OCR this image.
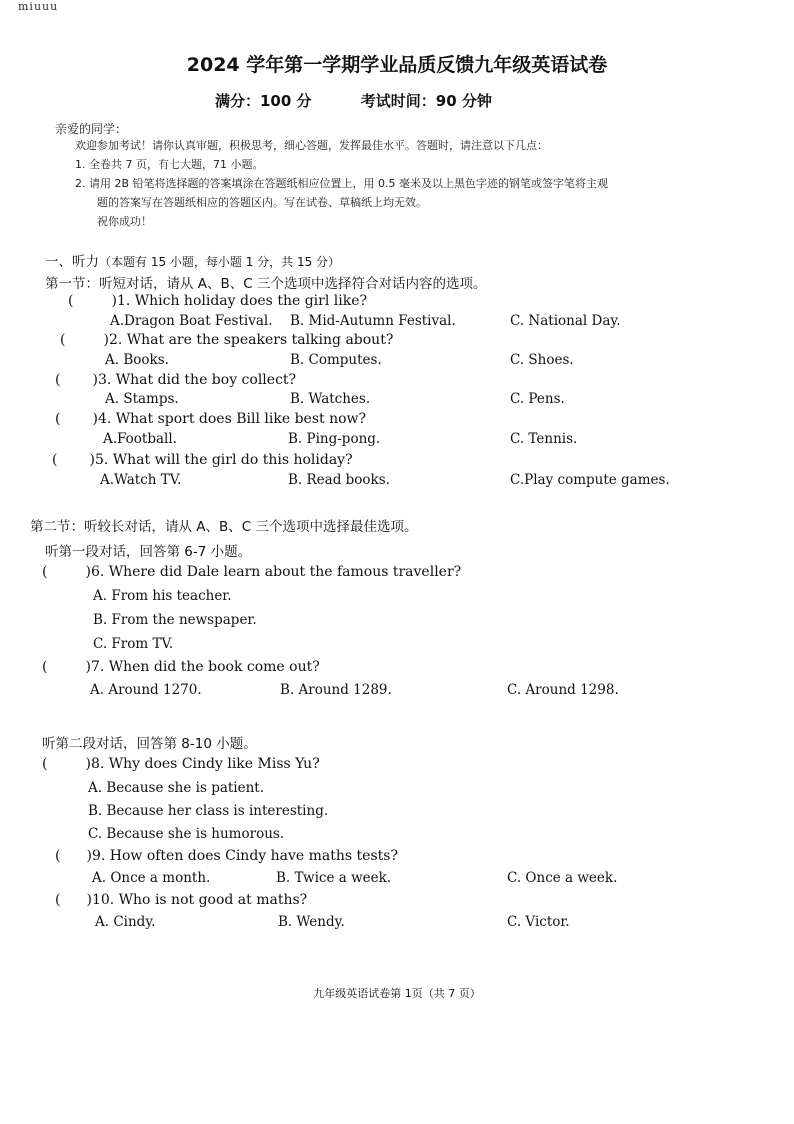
miuuu
2024 学年第一学期学业品质反馈九年级英语试卷
满分：100 分	考试时间：90 分钟
亲爱的同学：
欢迎参加考试！请你认真审题，积极思考，细心答题，发挥最佳水平。答题时，请注意以下几点：
1. 全卷共 7 页，有七大题，71 小题。
2. 请用 2B 铅笔将选择题的答案填涂在答题纸相应位置上，用 0.5 毫米及以上黑色字迹的钢笔或签字笔将主观
题的答案写在答题纸相应的答题区内。写在试卷、草稿纸上均无效。
祝你成功！
一、听力（本题有 15 小题，每小题 1 分，共 15 分）
第一节：听短对话，请从 A、B、C 三个选项中选择符合对话内容的选项。
(	)1. Which holiday does the girl like?
A.Dragon Boat Festival. B. Mid-Autumn Festival.	C. National Day.
(	)2. What are the speakers talking about?
A. Books.	B. Computes.	C. Shoes.
( )3. What did the boy collect?
A. Stamps.	B. Watches.	C. Pens.
( )4. What sport does Bill like best now?
A.Football.	B. Ping-pong.	C. Tennis.
( )5. What will the girl do this holiday?
A.Watch TV.	B. Read books.	C.Play compute games.
第二节：听较长对话，请从 A、B、C 三个选项中选择最佳选项。
听第一段对话，回答第 6-7 小题。
(	)6. Where did Dale learn about the famous traveller?
A. From his teacher.
B. From the newspaper.
C. From TV.
(	)7. When did the book come out?
A. Around 1270.	B. Around 1289.	C. Around 1298.
听第二段对话，回答第 8-10 小题。
(	)8. Why does Cindy like Miss Yu?
A. Because she is patient.
B. Because her class is interesting.
C. Because she is humorous.
( )9. How often does Cindy have maths tests?
A. Once a month.	B. Twice a week.	C. Once a week.
( )10. Who is not good at maths?
A. Cindy.	B. Wendy.	C. Victor.
九年级英语试卷第 1页（共 7 页）
